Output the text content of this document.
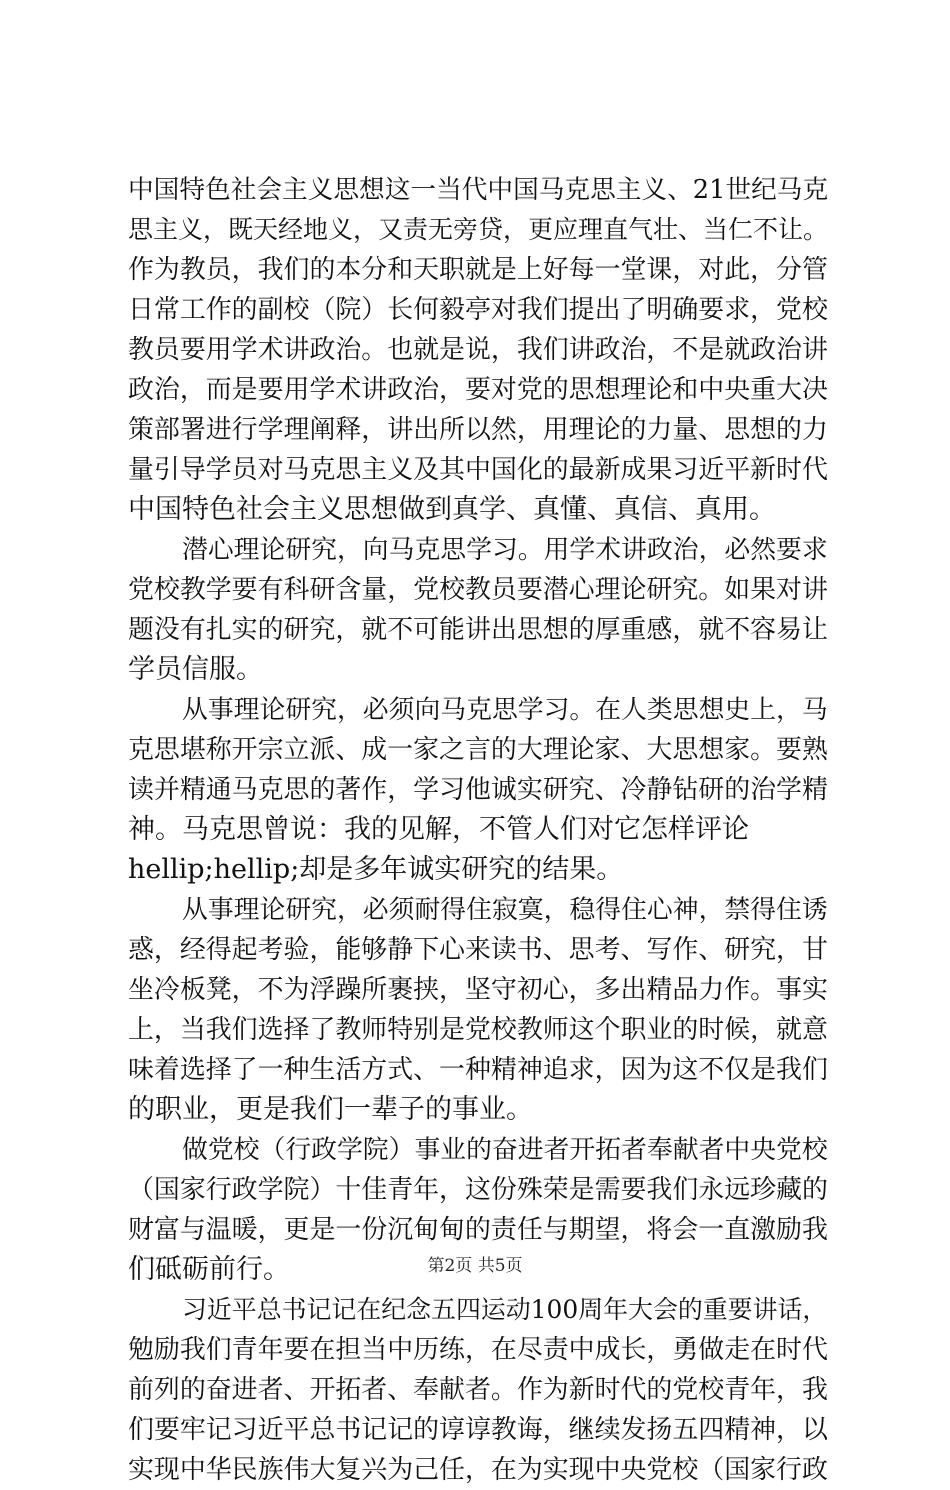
中国特色社会主义思想这一当代中国马克思主义、21世纪马克
思主义，既天经地义，又责无旁贷，更应理直气壮、当仁不让。
作为教员，我们的本分和天职就是上好每一堂课，对此，分管
日常工作的副校（院）长何毅亭对我们提出了明确要求，党校
教员要用学术讲政治。也就是说，我们讲政治，不是就政治讲
政治，而是要用学术讲政治，要对党的思想理论和中央重大决
策部署进行学理阐释，讲出所以然，用理论的力量、思想的力
量引导学员对马克思主义及其中国化的最新成果习近平新时代
中国特色社会主义思想做到真学、真懂、真信、真用。
潜心理论研究，向马克思学习。用学术讲政治，必然要求
党校教学要有科研含量，党校教员要潜心理论研究。如果对讲
题没有扎实的研究，就不可能讲出思想的厚重感，就不容易让
学员信服。
从事理论研究，必须向马克思学习。在人类思想史上，马
克思堪称开宗立派、成一家之言的大理论家、大思想家。要熟
读并精通马克思的著作，学习他诚实研究、冷静钻研的治学精
神。马克思曾说：我的见解，不管人们对它怎样评论
hellip;hellip;却是多年诚实研究的结果。
从事理论研究，必须耐得住寂寞，稳得住心神，禁得住诱
惑，经得起考验，能够静下心来读书、思考、写作、研究，甘
坐冷板凳，不为浮躁所裹挟，坚守初心，多出精品力作。事实
上，当我们选择了教师特别是党校教师这个职业的时候，就意
味着选择了一种生活方式、一种精神追求，因为这不仅是我们
的职业，更是我们一辈子的事业。
做党校（行政学院）事业的奋进者开拓者奉献者中央党校
（国家行政学院）十佳青年，这份殊荣是需要我们永远珍藏的
财富与温暖，更是一份沉甸甸的责任与期望，将会一直激励我
们砥砺前行。
习近平总书记记在纪念五四运动100周年大会的重要讲话，
勉励我们青年要在担当中历练，在尽责中成长，勇做走在时代
前列的奋进者、开拓者、奉献者。作为新时代的党校青年，我
们要牢记习近平总书记记的谆谆教诲，继续发扬五四精神，以
实现中华民族伟大复兴为己任，在为实现中央党校（国家行政
第2页 共5页
